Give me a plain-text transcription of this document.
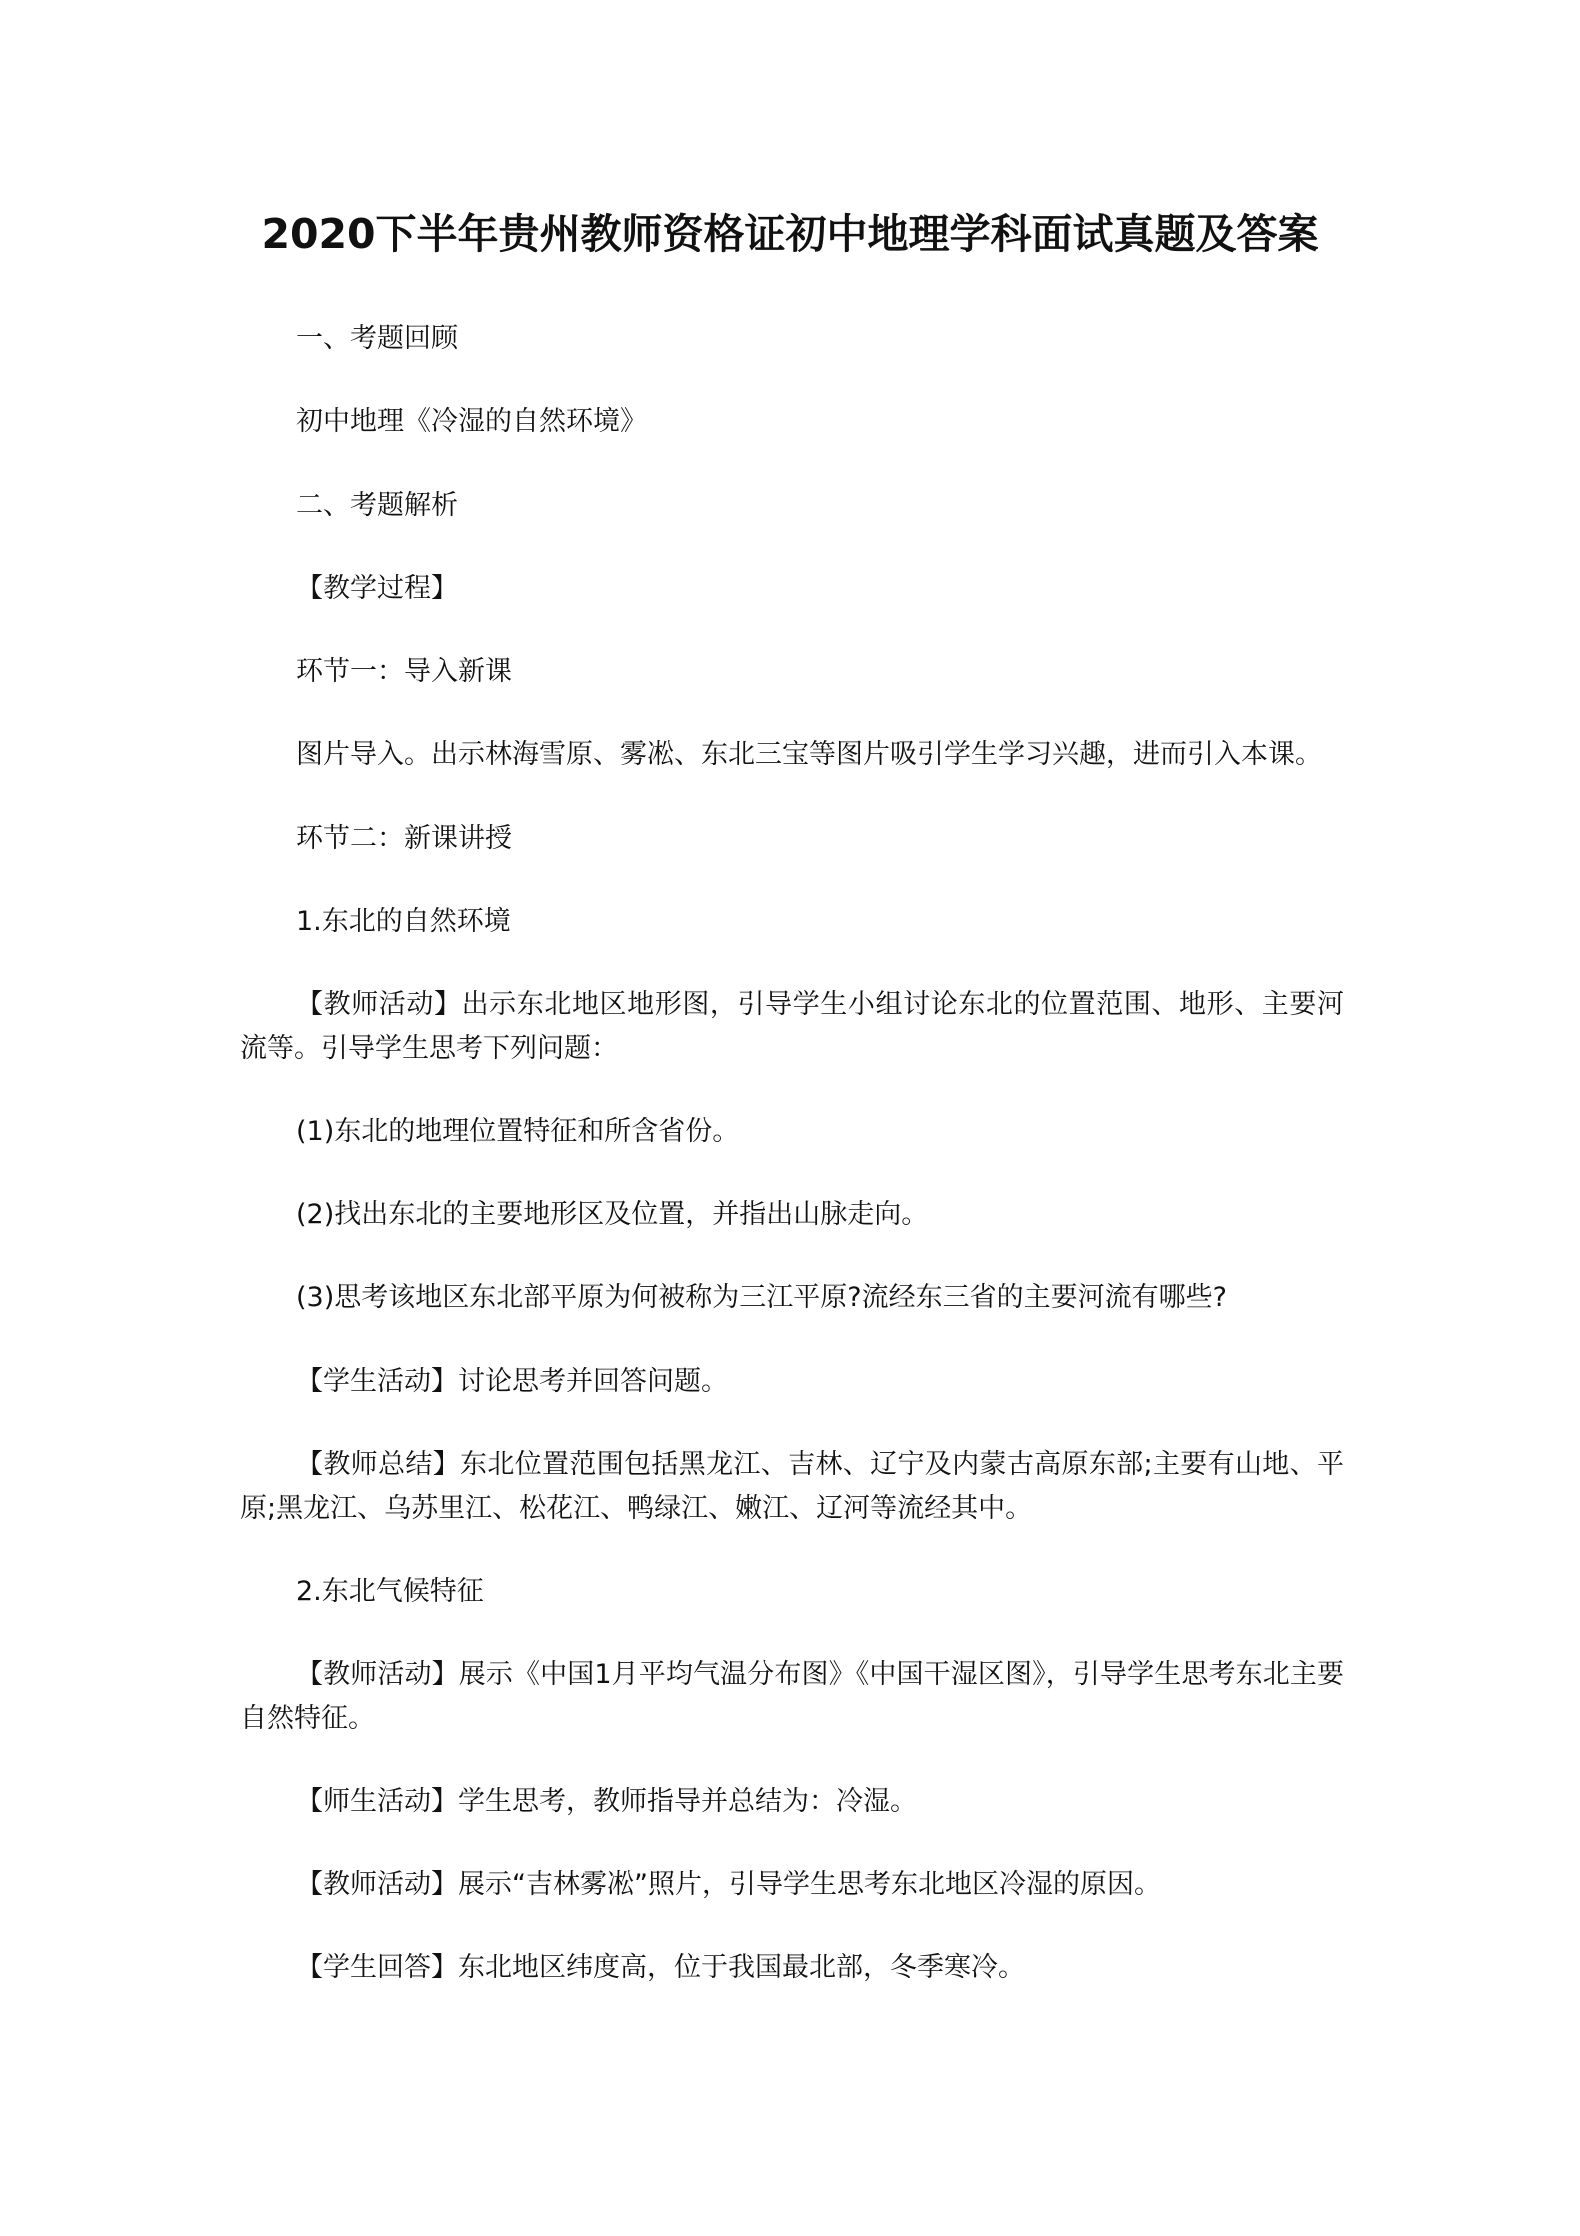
2020下半年贵州教师资格证初中地理学科面试真题及答案

一、考题回顾

初中地理《冷湿的自然环境》

二、考题解析

【教学过程】

环节一：导入新课

图片导入。出示林海雪原、雾凇、东北三宝等图片吸引学生学习兴趣，进而引入本课。

环节二：新课讲授

1.东北的自然环境

【教师活动】出示东北地区地形图，引导学生小组讨论东北的位置范围、地形、主要河流等。引导学生思考下列问题：

(1)东北的地理位置特征和所含省份。

(2)找出东北的主要地形区及位置，并指出山脉走向。

(3)思考该地区东北部平原为何被称为三江平原?流经东三省的主要河流有哪些?

【学生活动】讨论思考并回答问题。

【教师总结】东北位置范围包括黑龙江、吉林、辽宁及内蒙古高原东部;主要有山地、平原;黑龙江、乌苏里江、松花江、鸭绿江、嫩江、辽河等流经其中。

2.东北气候特征

【教师活动】展示《中国1月平均气温分布图》《中国干湿区图》，引导学生思考东北主要自然特征。

【师生活动】学生思考，教师指导并总结为：冷湿。

【教师活动】展示“吉林雾凇”照片，引导学生思考东北地区冷湿的原因。

【学生回答】东北地区纬度高，位于我国最北部，冬季寒冷。
